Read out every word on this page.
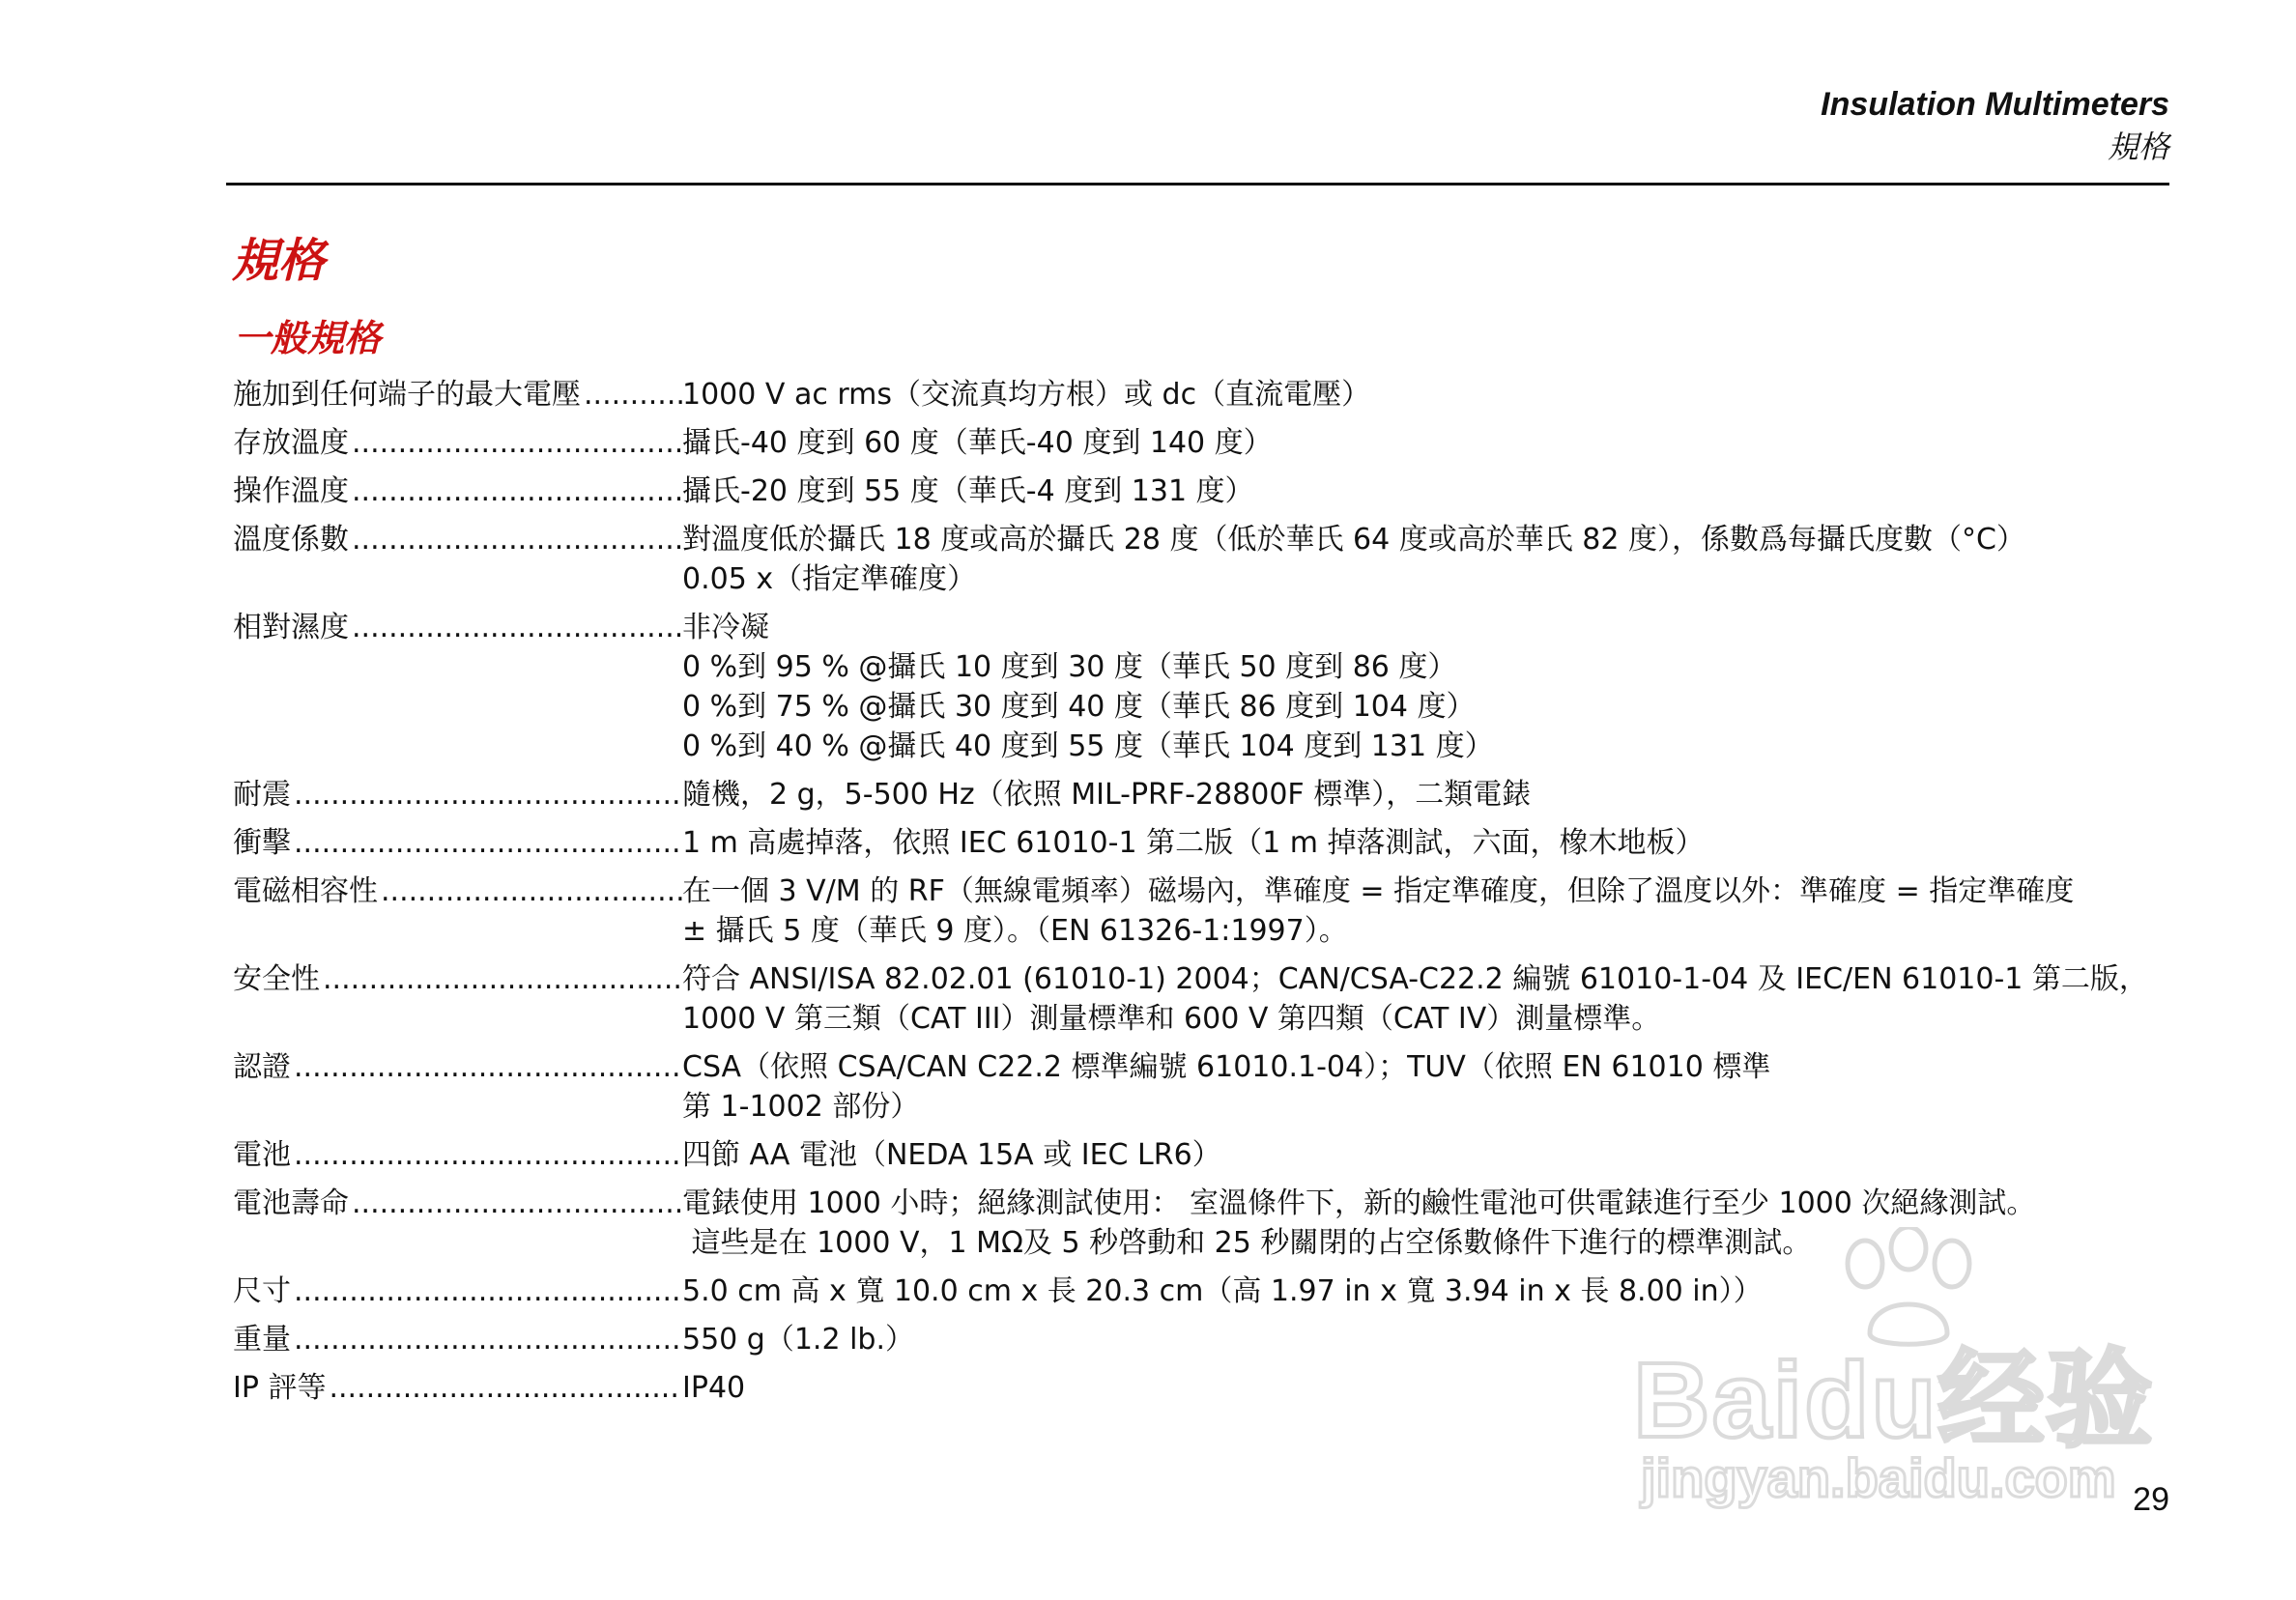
Insulation Multimeters
規格
規格
一般規格
施加到任何端子的最大電壓 .....	1000 V ac rms（交流真均方根）或 dc（直流電壓）
存放溫度 .....	攝氏-40 度到 60 度（華氏-40 度到 140 度）
操作溫度 .....	攝氏-20 度到 55 度（華氏-4 度到 131 度）
溫度係數 .....	對溫度低於攝氏 18 度或高於攝氏 28 度（低於華氏 64 度或高於華氏 82 度），係數爲每攝氏度數（°C）
0.05 x（指定準確度）
相對濕度 .....	非冷凝
0 %到 95 % @攝氏 10 度到 30 度（華氏 50 度到 86 度）
0 %到 75 % @攝氏 30 度到 40 度（華氏 86 度到 104 度）
0 %到 40 % @攝氏 40 度到 55 度（華氏 104 度到 131 度）
耐震 .....	隨機，2 g，5-500 Hz（依照 MIL-PRF-28800F 標準），二類電錶
衝擊 .....	1 m 高處掉落，依照 IEC 61010-1 第二版（1 m 掉落測試，六面，橡木地板）
電磁相容性 .....	在一個 3 V/M 的 RF（無線電頻率）磁場內，準確度 = 指定準確度，但除了溫度以外：準確度 = 指定準確度
± 攝氏 5 度（華氏 9 度）。（EN 61326-1:1997）。
安全性 .....	符合 ANSI/ISA 82.02.01 (61010-1) 2004；CAN/CSA-C22.2 編號 61010-1-04 及 IEC/EN 61010-1 第二版，
1000 V 第三類（CAT III）測量標準和 600 V 第四類（CAT IV）測量標準。
認證 .....	CSA（依照 CSA/CAN C22.2 標準編號 61010.1-04）；TUV（依照 EN 61010 標準
第 1-1002 部份）
電池 .....	四節 AA 電池（NEDA 15A 或 IEC LR6）
電池壽命 .....	電錶使用 1000 小時；絕緣測試使用： 室溫條件下，新的鹼性電池可供電錶進行至少 1000 次絕緣測試。
這些是在 1000 V，1 MΩ及 5 秒啓動和 25 秒關閉的占空係數條件下進行的標準測試。
尺寸 .....	5.0 cm 高 x 寬 10.0 cm x 長 20.3 cm（高 1.97 in x 寬 3.94 in x 長 8.00 in））
重量 .....	550 g（1.2 lb.）
IP 評等 .....	IP40	Baidu经验
jingyan.baidu.com 29
